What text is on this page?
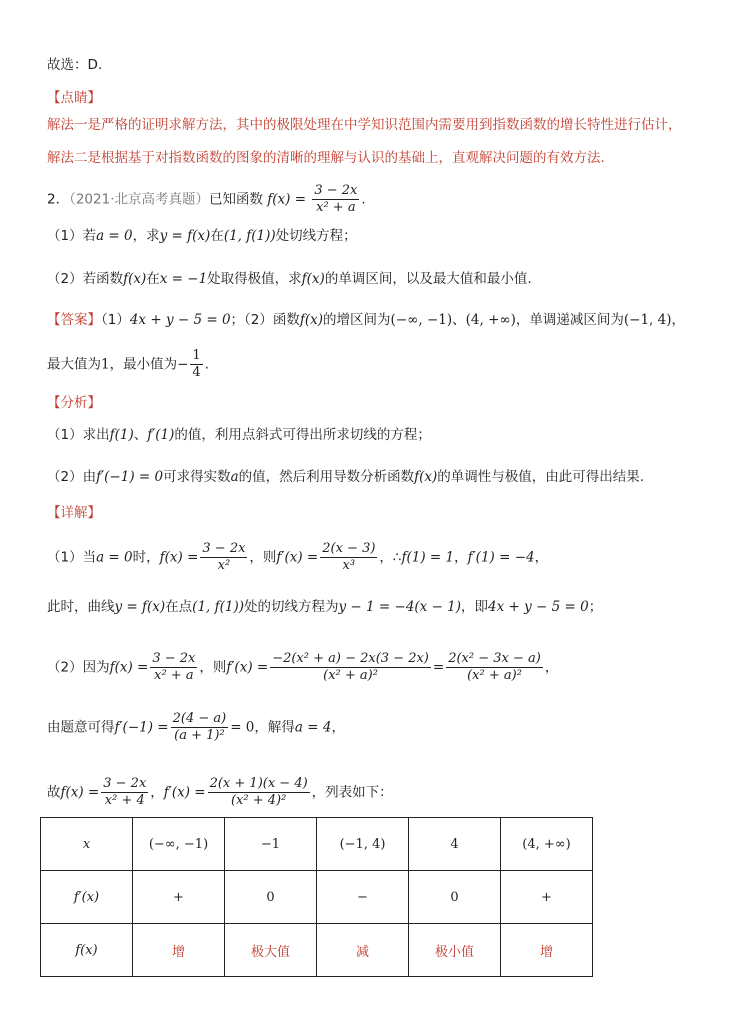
故选：D.
【点睛】
解法一是严格的证明求解方法，其中的极限处理在中学知识范围内需要用到指数函数的增长特性进行估计，
解法二是根据基于对指数函数的图象的清晰的理解与认识的基础上，直观解决问题的有效方法.
2．（2021·北京高考真题）已知函数 $f(x) = \frac{3 - 2x}{\text{x² + a}}$ .
（1）若a = 0，求y = f(x)在(1, f(1))处切线方程；
（2）若函数f(x)在x = −1处取得极值，求f(x)的单调区间，以及最大值和最小值.
【答案】（1）4x + y − 5 = 0；（2）函数f(x)的增区间为(−∞, −1)、(4, +∞)，单调递减区间为(−1, 4)，
最大值为1，最小值为− $\frac{1}{4}$ .
【分析】
（1）求出f(1)、f′(1)的值，利用点斜式可得出所求切线的方程；
（2）由f′(−1) = 0可求得实数a的值，然后利用导数分析函数f(x)的单调性与极值，由此可得出结果.
【详解】
（1）当a = 0时，$f(x) = \frac{3 - 2x}{\text{x²}}$ ，则$f'(x) = \frac{2(x - 3)}{\text{x³}}$ ，∴f(1) = 1，f′(1) = −4，
此时，曲线y = f(x)在点(1, f(1))处的切线方程为y − 1 = −4(x − 1)，即4x + y − 5 = 0；
（2）因为$f(x) = \frac{3 - 2x}{\text{x² + a}}$ ，则$f'(x) = \frac{\text{−2(x² + a) − 2x(3 − 2x)}}{\text{(x² + a)²}} = \frac{\text{2(x² − 3x − a)}}{\text{(x² + a)²}}$ ，
由题意可得$f'(-1) = \frac{2(4 - a)}{\text{(a + 1)²}} = 0$，解得a = 4，
故$f(x) = \frac{3 - 2x}{\text{x² + 4}}$ ，$f'(x) = \frac{2(x + 1)(x - 4)}{\text{(x² + 4)²}}$ ，列表如下：
x	(−∞, −1)	−1	(−1, 4)	4	(4, +∞)
f′(x)	+	0	−	0	+
f(x)	增	极大值	减	极小值	增
